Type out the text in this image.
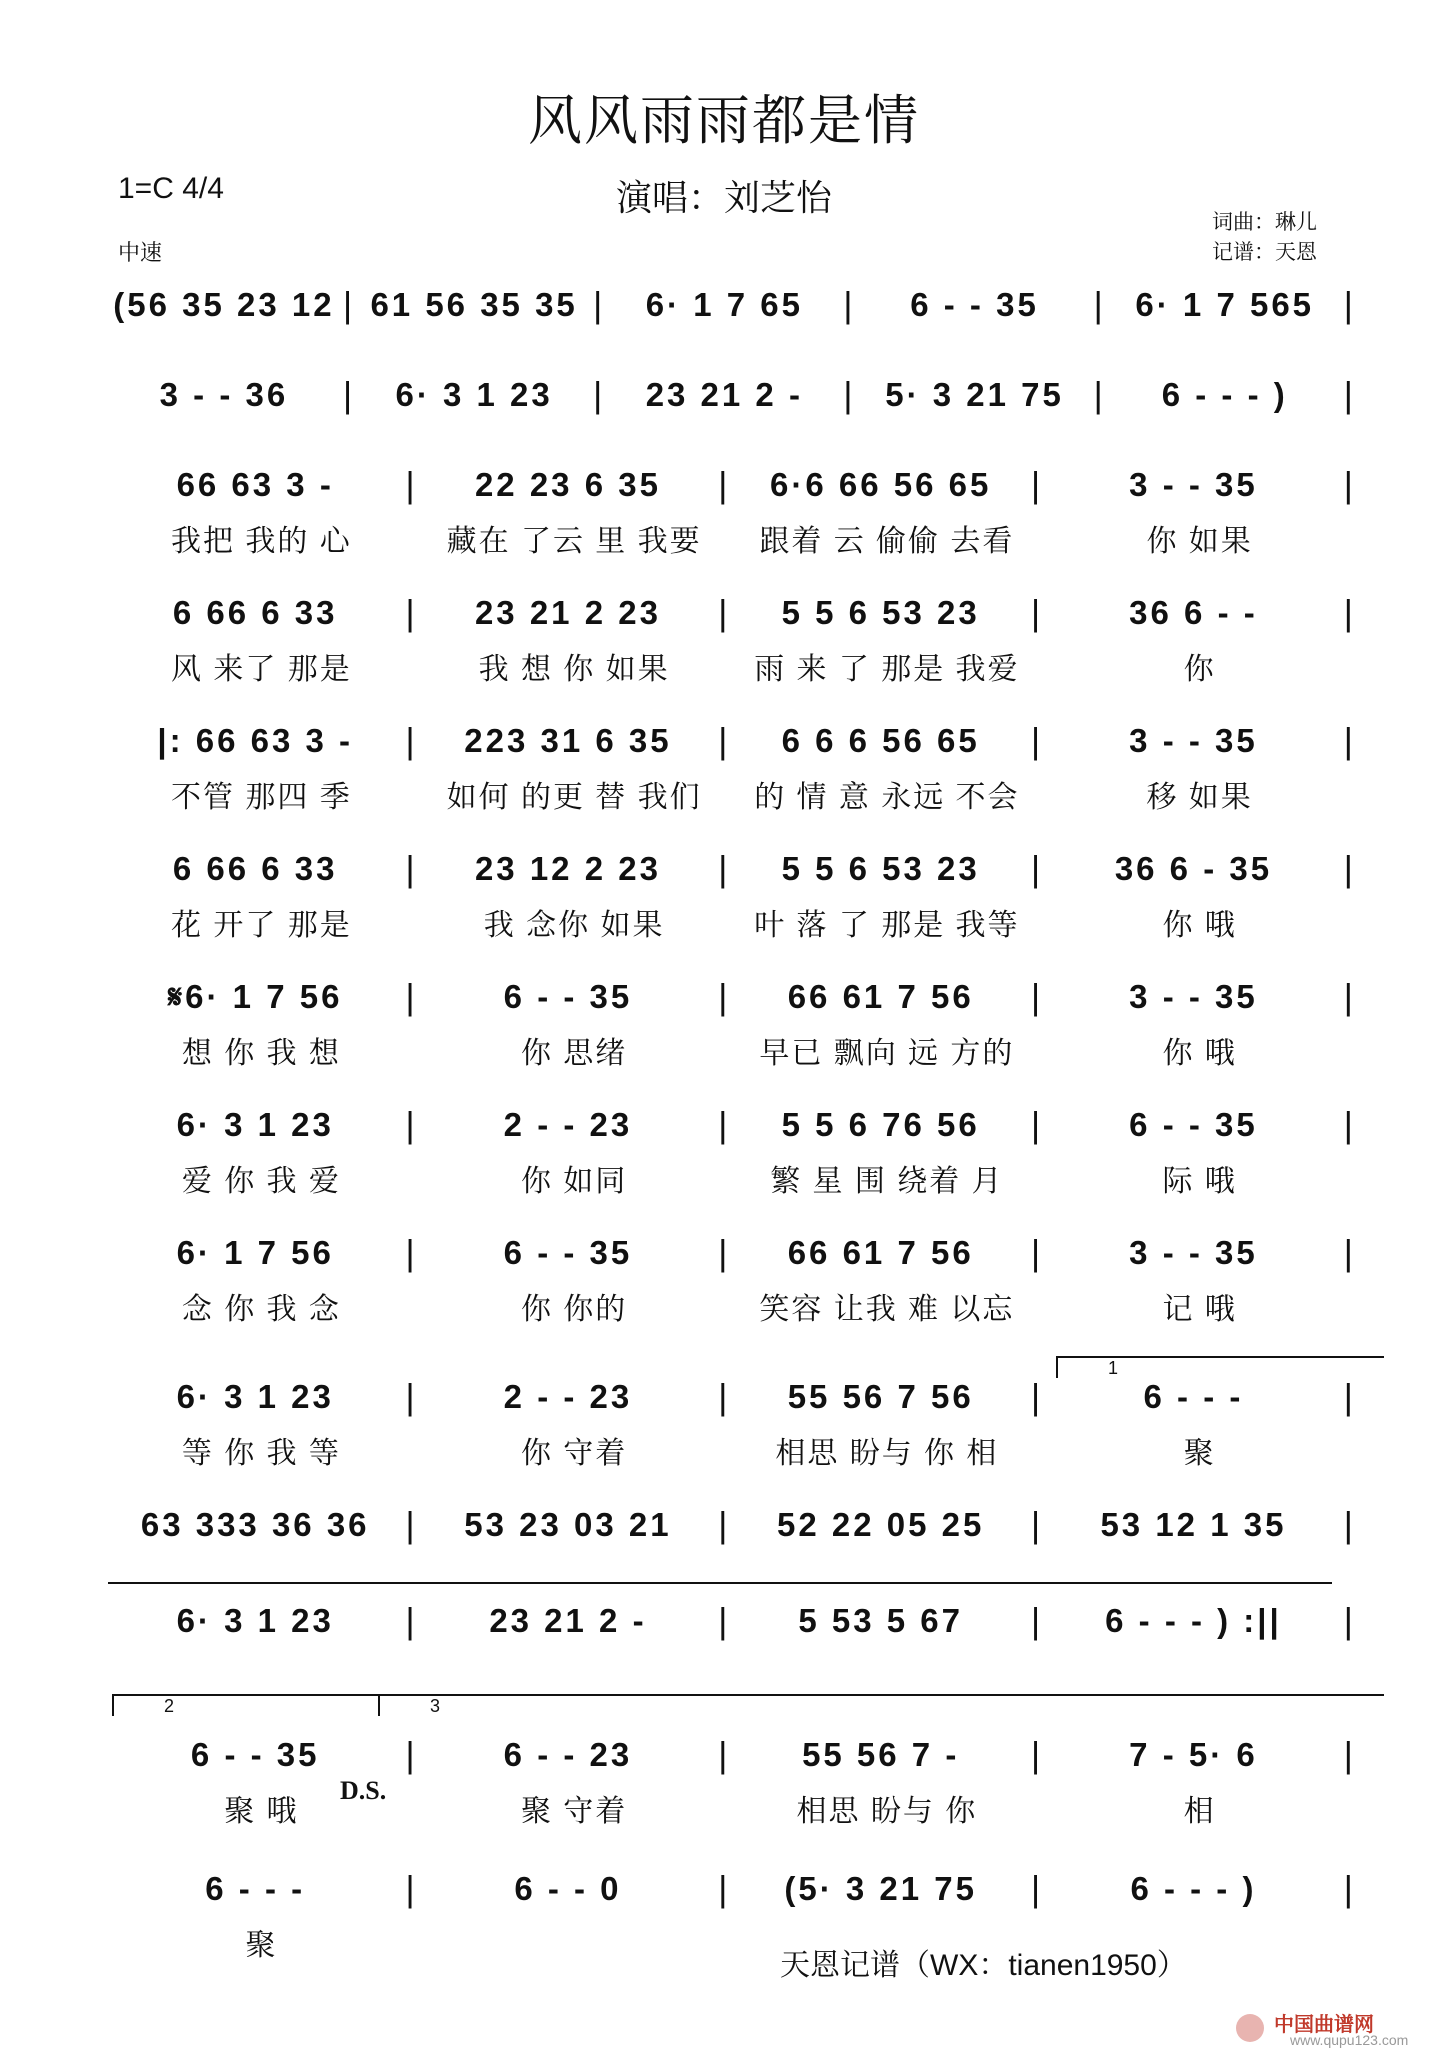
风风雨雨都是情
演唱：刘芝怡
1=C 4/4
中速
词曲：琳儿
记谱：天恩
(56 35 23 12 | 61 56 35 35 |	6· 1 7 65	|	6 - - 35	| 6· 1 7 565 |
3 - - 36	|	6· 3 1 23	|	23 21 2 -	| 5· 3 21 75 |	6 - - - )	|
66 63 3 -	|	22 23 6 35	|	6·6 66 56 65	|	3 - - 35	|
我把 我的 心	藏在 了云 里 我要	跟着 云 偷偷 去看	你 如果
6 66 6 33	|	23 21 2 23	|	5 5 6 53 23	|	36 6 - -	|
风 来了 那是	我 想 你 如果	雨 来 了 那是 我爱	你
|: 66 63 3 -	|	223 31 6 35	|	6 6 6 56 65	|	3 - - 35	|
不管 那四 季	如何 的更 替 我们	的 情 意 永远 不会	移 如果
6 66 6 33	|	23 12 2 23	|	5 5 6 53 23	|	36 6 - 35	|
花 开了 那是	我 念你 如果	叶 落 了 那是 我等	你 哦
𝄋6· 1 7 56	|	6 - - 35	|	66 61 7 56	|	3 - - 35	|
想 你 我 想	你 思绪	早已 飘向 远 方的	你 哦
6· 3 1 23	|	2 - - 23	|	5 5 6 76 56	|	6 - - 35	|
爱 你 我 爱	你 如同	繁 星 围 绕着 月	际 哦
6· 1 7 56	|	6 - - 35	|	66 61 7 56	|	3 - - 35	|
念 你 我 念	你 你的	笑容 让我 难 以忘	记 哦
6· 3 1 23	|	2 - - 23	|	55 56 7 56	|	6 - - -	|
等 你 我 等	你 守着	相思 盼与 你 相	聚
63 333 36 36 |	53 23 03 21	|	52 22 05 25	|	53 12 1 35	|
6· 3 1 23	|	23 21 2 -	|	5 53 5 67	|	6 - - - ) :||	|
6 - - 35	|	6 - - 23	|	55 56 7 -	|	7 - 5· 6	|
聚 哦	聚 守着	相思 盼与 你	相
6 - - -	|	6 - - 0	|	(5· 3 21 75	|	6 - - - )	|
聚
1
2	3
D.S.
天恩记谱（WX：tianen1950）
中国曲谱网
www.qupu123.com
